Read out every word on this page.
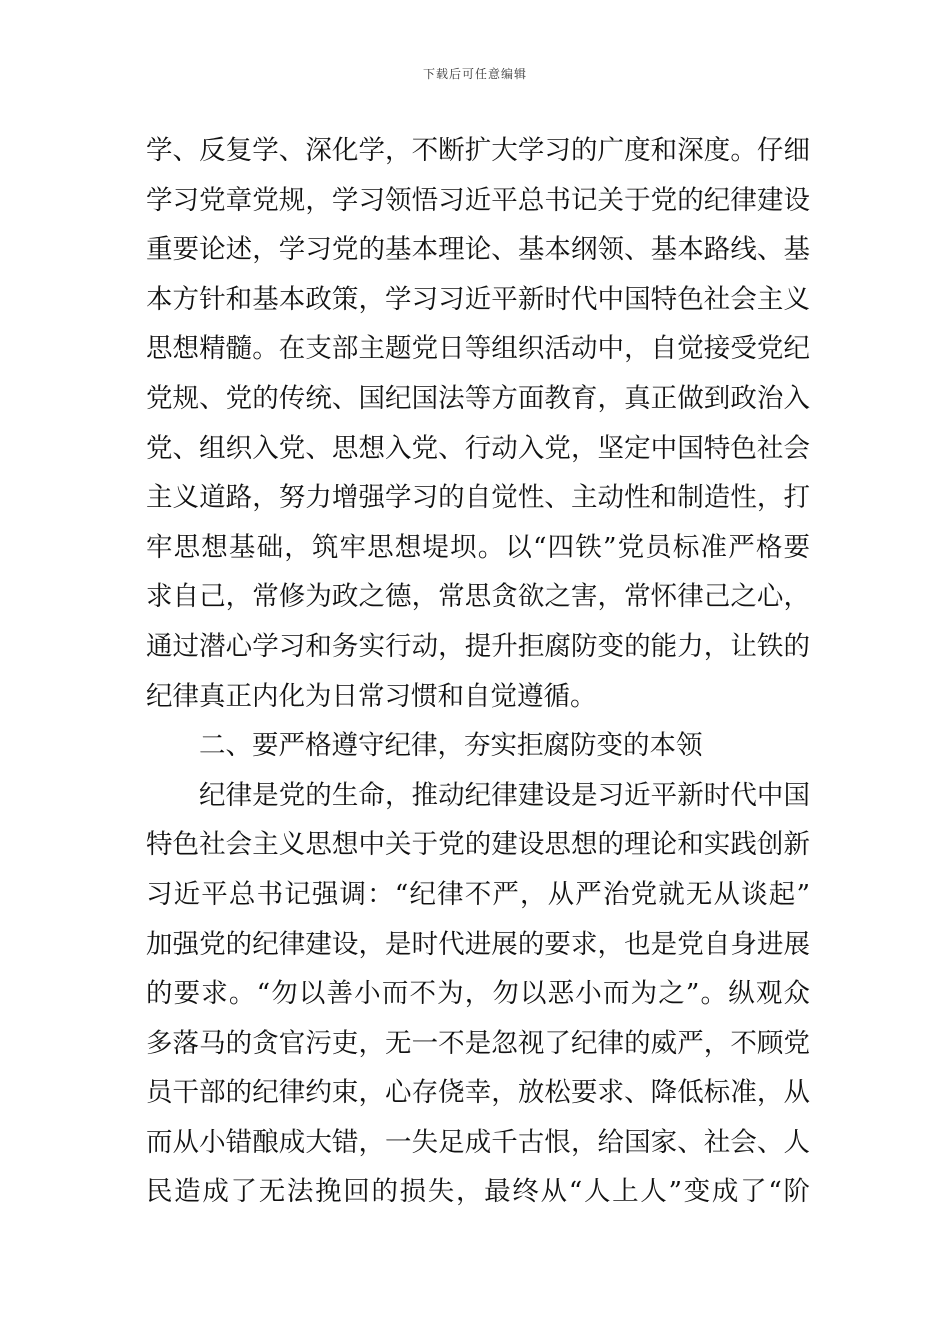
下载后可任意编辑
学、反复学、深化学，不断扩大学习的广度和深度。仔细
学习党章党规，学习领悟习近平总书记关于党的纪律建设
重要论述，学习党的基本理论、基本纲领、基本路线、基
本方针和基本政策，学习习近平新时代中国特色社会主义
思想精髓。在支部主题党日等组织活动中，自觉接受党纪
党规、党的传统、国纪国法等方面教育，真正做到政治入
党、组织入党、思想入党、行动入党，坚定中国特色社会
主义道路，努力增强学习的自觉性、主动性和制造性，打
牢思想基础，筑牢思想堤坝。以“四铁”党员标准严格要
求自己，常修为政之德，常思贪欲之害，常怀律己之心，
通过潜心学习和务实行动，提升拒腐防变的能力，让铁的
纪律真正内化为日常习惯和自觉遵循。
二、要严格遵守纪律，夯实拒腐防变的本领
纪律是党的生命，推动纪律建设是习近平新时代中国
特色社会主义思想中关于党的建设思想的理论和实践创新
习近平总书记强调：“纪律不严，从严治党就无从谈起”
加强党的纪律建设，是时代进展的要求，也是党自身进展
的要求。“勿以善小而不为，勿以恶小而为之”。纵观众
多落马的贪官污吏，无一不是忽视了纪律的威严，不顾党
员干部的纪律约束，心存侥幸，放松要求、降低标准，从
而从小错酿成大错，一失足成千古恨，给国家、社会、人
民造成了无法挽回的损失，最终从“人上人”变成了“阶
